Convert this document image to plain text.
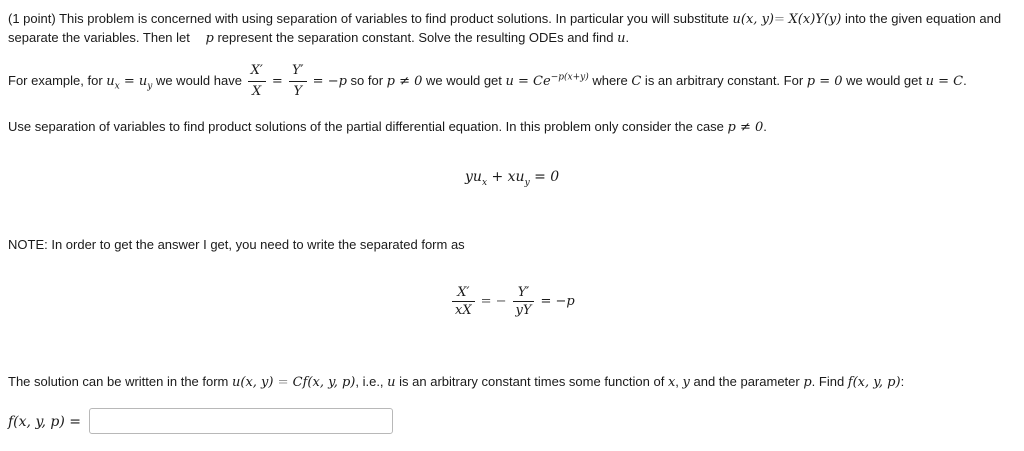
(1 point) This problem is concerned with using separation of variables to find product solutions. In particular you will substitute u(x, y)= X(x)Y(y) into the given equation and
separate the variables. Then let p represent the separation constant. Solve the resulting ODEs and find u.
For example, for $u_x = u_y$ we would have $\frac{X'}{X} = \frac{Y'}{Y} = -p$ so for p ≠ 0 we would get $u = Ce^{-p(x+y)}$ where C is an arbitrary constant. For p = 0 we would get u = C.
Use separation of variables to find product solutions of the partial differential equation. In this problem only consider the case p ≠ 0.
$yu_x + xu_y = 0$
NOTE: In order to get the answer I get, you need to write the separated form as
$\frac{X'}{xX}$ = − $\frac{Y'}{yY} = -p$
The solution can be written in the form u(x, y) = Cf(x, y, p), i.e., u is an arbitrary constant times some function of x, y and the parameter p. Find f(x, y, p):
f(x, y, p) =
